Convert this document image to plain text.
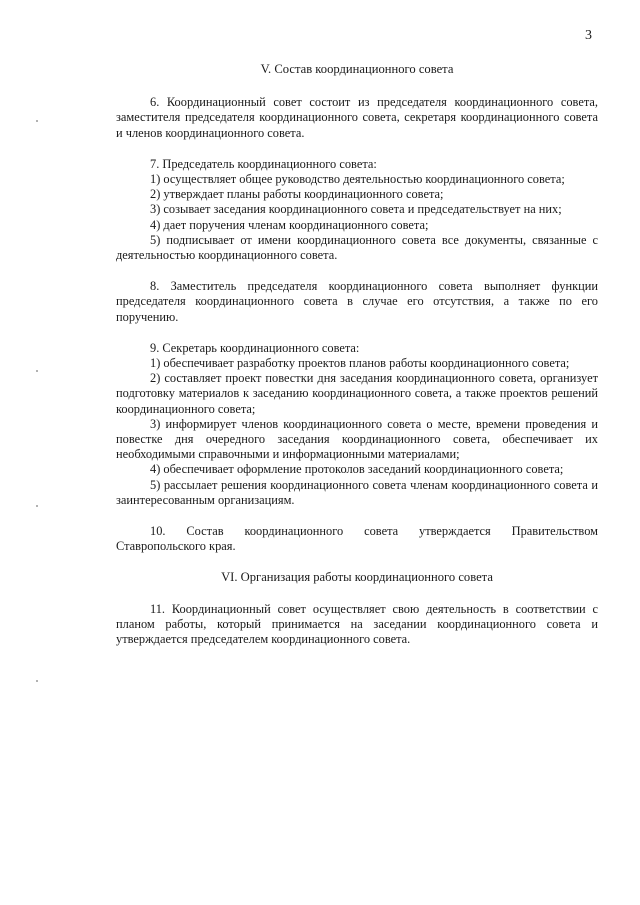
3
V. Состав координационного совета

6. Координационный совет состоит из председателя координационного совета, заместителя председателя координационного совета, секретаря координационного совета и членов координационного совета.

7. Председатель координационного совета:

1) осуществляет общее руководство деятельностью координационного совета;

2) утверждает планы работы координационного совета;

3) созывает заседания координационного совета и председательствует на них;

4) дает поручения членам координационного совета;

5) подписывает от имени координационного совета все документы, связанные с деятельностью координационного совета.

8. Заместитель председателя координационного совета выполняет функции председателя координационного совета в случае его отсутствия, а также по его поручению.

9. Секретарь координационного совета:

1) обеспечивает разработку проектов планов работы координационного совета;

2) составляет проект повестки дня заседания координационного совета, организует подготовку материалов к заседанию координационного совета, а также проектов решений координационного совета;

3) информирует членов координационного совета о месте, времени проведения и повестке дня очередного заседания координационного совета, обеспечивает их необходимыми справочными и информационными материалами;

4) обеспечивает оформление протоколов заседаний координационного совета;

5) рассылает решения координационного совета членам координационного совета и заинтересованным организациям.

10. Состав координационного совета утверждается Правительством Ставропольского края.

VI. Организация работы координационного совета

11. Координационный совет осуществляет свою деятельность в соответствии с планом работы, который принимается на заседании координационного совета и утверждается председателем координационного совета.
